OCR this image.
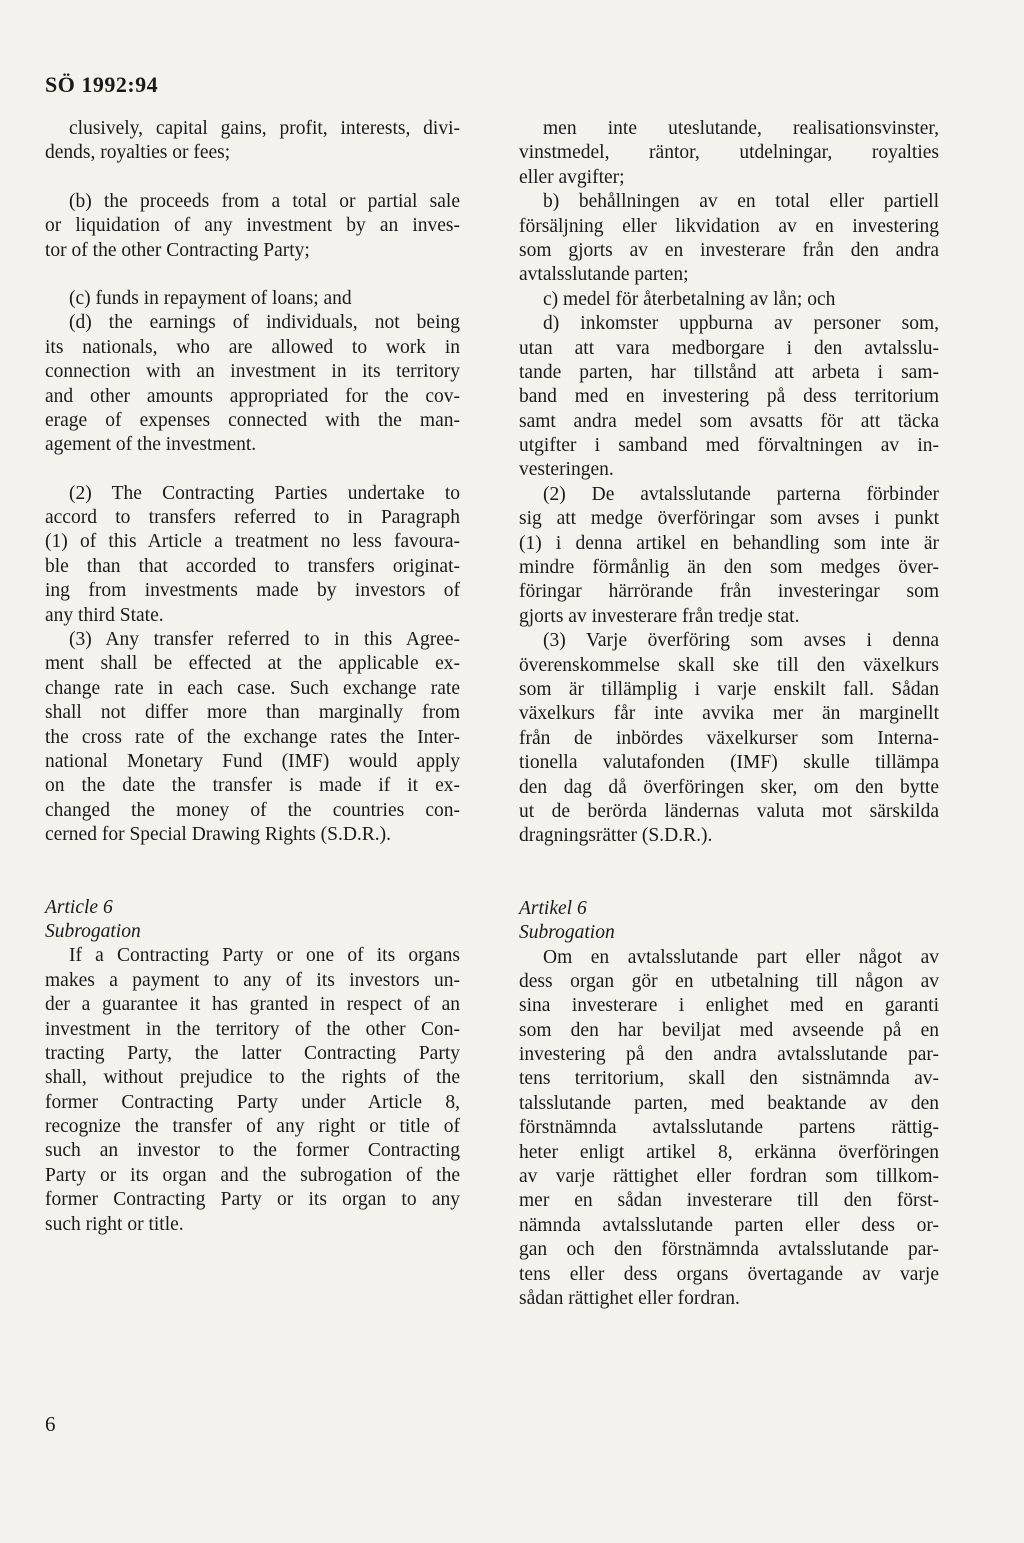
SÖ 1992:94
clusively, capital gains, profit, interests, divi-
dends, royalties or fees;
(b) the proceeds from a total or partial sale
or liquidation of any investment by an inves-
tor of the other Contracting Party;
(c) funds in repayment of loans; and
(d) the earnings of individuals, not being
its nationals, who are allowed to work in
connection with an investment in its territory
and other amounts appropriated for the cov-
erage of expenses connected with the man-
agement of the investment.
(2) The Contracting Parties undertake to
accord to transfers referred to in Paragraph
(1) of this Article a treatment no less favoura-
ble than that accorded to transfers originat-
ing from investments made by investors of
any third State.
(3) Any transfer referred to in this Agree-
ment shall be effected at the applicable ex-
change rate in each case. Such exchange rate
shall not differ more than marginally from
the cross rate of the exchange rates the Inter-
national Monetary Fund (IMF) would apply
on the date the transfer is made if it ex-
changed the money of the countries con-
cerned for Special Drawing Rights (S.D.R.).
Article 6
Subrogation
If a Contracting Party or one of its organs
makes a payment to any of its investors un-
der a guarantee it has granted in respect of an
investment in the territory of the other Con-
tracting Party, the latter Contracting Party
shall, without prejudice to the rights of the
former Contracting Party under Article 8,
recognize the transfer of any right or title of
such an investor to the former Contracting
Party or its organ and the subrogation of the
former Contracting Party or its organ to any
such right or title.
men inte uteslutande, realisationsvinster,
vinstmedel, räntor, utdelningar, royalties
eller avgifter;
b) behållningen av en total eller partiell
försäljning eller likvidation av en investering
som gjorts av en investerare från den andra
avtalsslutande parten;
c) medel för återbetalning av lån; och
d) inkomster uppburna av personer som,
utan att vara medborgare i den avtalsslu-
tande parten, har tillstånd att arbeta i sam-
band med en investering på dess territorium
samt andra medel som avsatts för att täcka
utgifter i samband med förvaltningen av in-
vesteringen.
(2) De avtalsslutande parterna förbinder
sig att medge överföringar som avses i punkt
(1) i denna artikel en behandling som inte är
mindre förmånlig än den som medges över-
föringar härrörande från investeringar som
gjorts av investerare från tredje stat.
(3) Varje överföring som avses i denna
överenskommelse skall ske till den växelkurs
som är tillämplig i varje enskilt fall. Sådan
växelkurs får inte avvika mer än marginellt
från de inbördes växelkurser som Interna-
tionella valutafonden (IMF) skulle tillämpa
den dag då överföringen sker, om den bytte
ut de berörda ländernas valuta mot särskilda
dragningsrätter (S.D.R.).
Artikel 6
Subrogation
Om en avtalsslutande part eller något av
dess organ gör en utbetalning till någon av
sina investerare i enlighet med en garanti
som den har beviljat med avseende på en
investering på den andra avtalsslutande par-
tens territorium, skall den sistnämnda av-
talsslutande parten, med beaktande av den
förstnämnda avtalsslutande partens rättig-
heter enligt artikel 8, erkänna överföringen
av varje rättighet eller fordran som tillkom-
mer en sådan investerare till den först-
nämnda avtalsslutande parten eller dess or-
gan och den förstnämnda avtalsslutande par-
tens eller dess organs övertagande av varje
sådan rättighet eller fordran.
6
